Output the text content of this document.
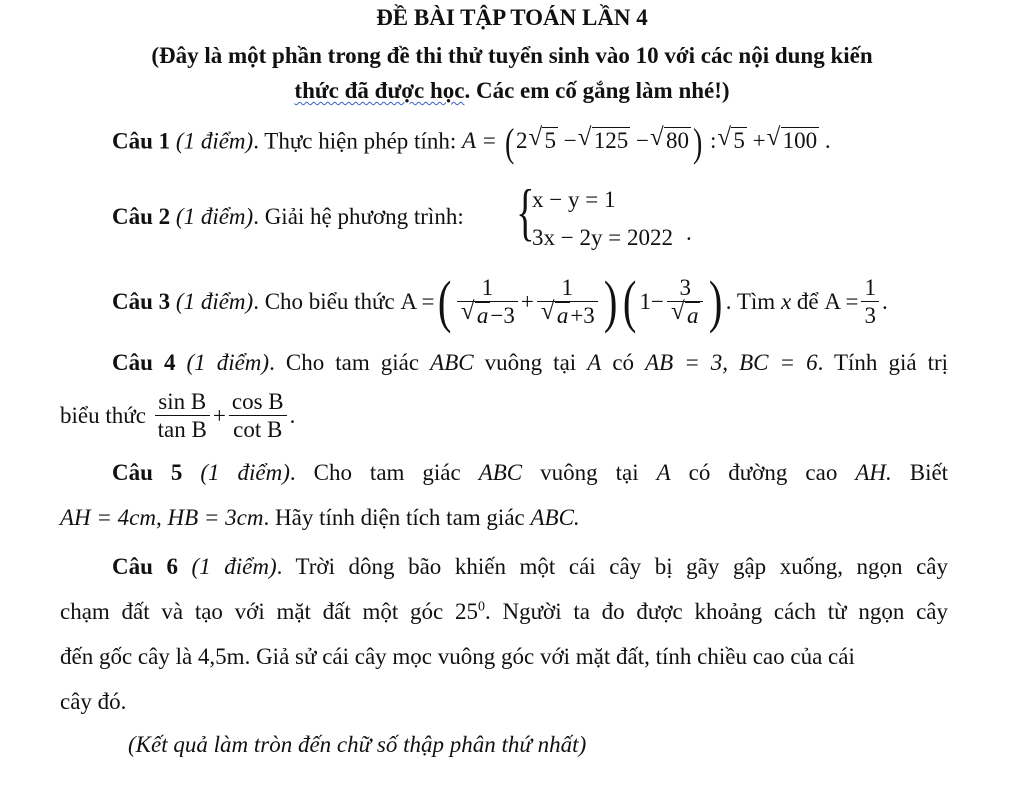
ĐỀ BÀI TẬP TOÁN LẦN 4
(Đây là một phần trong đề thi thử tuyển sinh vào 10 với các nội dung kiến
thức đã được học. Các em cố gắng làm nhé!)
Câu 1 (1 điểm). Thực hiện phép tính: A = (2 √ 5 − √ 125 − √ 80) : √ 5 + √ 100 .
Câu 2 (1 điểm). Giải hệ phương trình: {
x − y = 1
3x − 2y = 2022 .
Câu 3
(1 điểm) . Cho biểu thức
A = ( $\frac{1}{√ a-3} + \frac{1}{√ a+3}$ ) ( $1- \frac{3}{√ a}$ ) . Tìm
x
để
$A = \frac{1}{3}$ .
Câu 4 (1 điểm). Cho tam giác ABC vuông tại A có AB = 3, BC = 6. Tính giá trị
biểu thức
$\frac{\text{sin B}}{\text{tan B}} + \frac{\text{cos B}}{\text{cot B}}$ .
Câu 5 (1 điểm). Cho tam giác ABC vuông tại A có đường cao AH. Biết
AH = 4cm, HB = 3cm. Hãy tính diện tích tam giác ABC.
Câu 6 (1 điểm). Trời dông bão khiến một cái cây bị gãy gập xuống, ngọn cây
chạm đất và tạo với mặt đất một góc $25^0$. Người ta đo được khoảng cách từ ngọn cây
đến gốc cây là 4,5m. Giả sử cái cây mọc vuông góc với mặt đất, tính chiều cao của cái
cây đó.
(Kết quả làm tròn đến chữ số thập phân thứ nhất)
